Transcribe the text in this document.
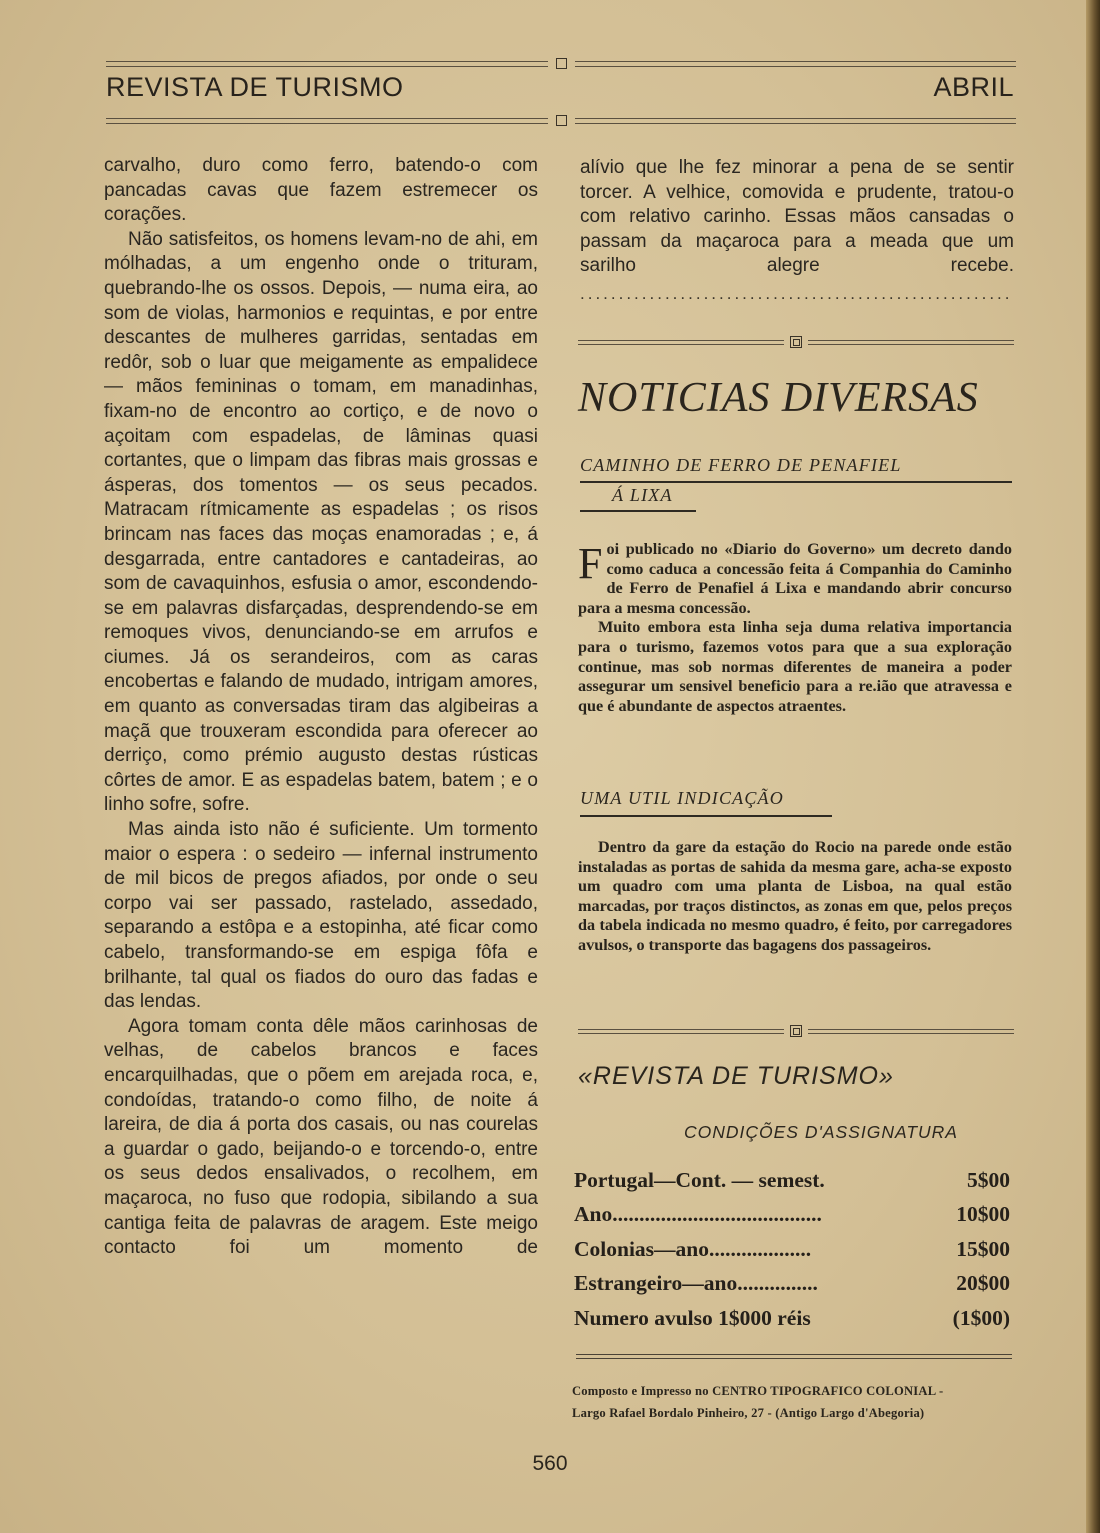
REVISTA DE TURISMO	ABRIL

carvalho, duro como ferro, batendo-o com pancadas cavas que fazem estremecer os corações.

Não satisfeitos, os homens levam-no de ahi, em mólhadas, a um engenho onde o trituram, quebrando-lhe os ossos. Depois, — numa eira, ao som de violas, harmonios e requintas, e por entre descantes de mulheres garridas, sentadas em redôr, sob o luar que meigamente as empalidece — mãos femininas o tomam, em manadinhas, fixam-no de encontro ao cortiço, e de novo o açoitam com espadelas, de lâminas quasi cortantes, que o limpam das fibras mais grossas e ásperas, dos tomentos — os seus pecados. Matracam rítmicamente as espadelas ; os risos brincam nas faces das moças enamoradas ; e, á desgarrada, entre cantadores e cantadeiras, ao som de cavaquinhos, esfusia o amor, escondendo-se em palavras disfarçadas, desprendendo-se em remoques vivos, denunciando-se em arrufos e ciumes. Já os serandeiros, com as caras encobertas e falando de mudado, intrigam amores, em quanto as conversadas tiram das algibeiras a maçã que trouxeram escondida para oferecer ao derriço, como prémio augusto destas rústicas côrtes de amor. E as espadelas batem, batem ; e o linho sofre, sofre.

Mas ainda isto não é suficiente. Um tormento maior o espera : o sedeiro — infernal instrumento de mil bicos de pregos afiados, por onde o seu corpo vai ser passado, rastelado, assedado, separando a estôpa e a estopinha, até ficar como cabelo, transformando-se em espiga fôfa e brilhante, tal qual os fiados do ouro das fadas e das lendas.

Agora tomam conta dêle mãos carinhosas de velhas, de cabelos brancos e faces encarquilhadas, que o põem em arejada roca, e, condoídas, tratando-o como filho, de noite á lareira, de dia á porta dos casais, ou nas courelas a guardar o gado, beijando-o e torcendo-o, entre os seus dedos ensalivados, o recolhem, em maçaroca, no fuso que rodopia, sibilando a sua cantiga feita de palavras de aragem. Este meigo contacto foi um momento de

alívio que lhe fez minorar a pena de se sentir torcer. A velhice, comovida e prudente, tratou-o com relativo carinho. Essas mãos cansadas o passam da maçaroca para a meada que um sarilho alegre recebe.
........................................................
NOTICIAS DIVERSAS
CAMINHO DE FERRO DE PENAFIEL
Á LIXA

Foi publicado no «Diario do Governo» um decreto dando como caduca a concessão feita á Companhia do Caminho de Ferro de Penafiel á Lixa e mandando abrir concurso para a mesma concessão.

Muito embora esta linha seja duma relativa importancia para o turismo, fazemos votos para que a sua exploração continue, mas sob normas diferentes de maneira a poder assegurar um sensivel beneficio para a re.ião que atravessa e que é abundante de aspectos atraentes.

UMA UTIL INDICAÇÃO

Dentro da gare da estação do Rocio na parede onde estão instaladas as portas de sahida da mesma gare, acha-se exposto um quadro com uma planta de Lisboa, na qual estão marcadas, por traços distinctos, as zonas em que, pelos preços da tabela indicada no mesmo quadro, é feito, por carregadores avulsos, o transporte das bagagens dos passageiros.

«REVISTA DE TURISMO»
CONDIÇÕES D'ASSIGNATURA
Portugal—Cont. — semest.	5$00
Ano.......................................	10$00
Colonias—ano...................	15$00
Estrangeiro—ano...............	20$00
Numero avulso 1$000 réis	(1$00)
Composto e Impresso no CENTRO TIPOGRAFICO COLONIAL -
Largo Rafael Bordalo Pinheiro, 27 - (Antigo Largo d'Abegoria)
560
